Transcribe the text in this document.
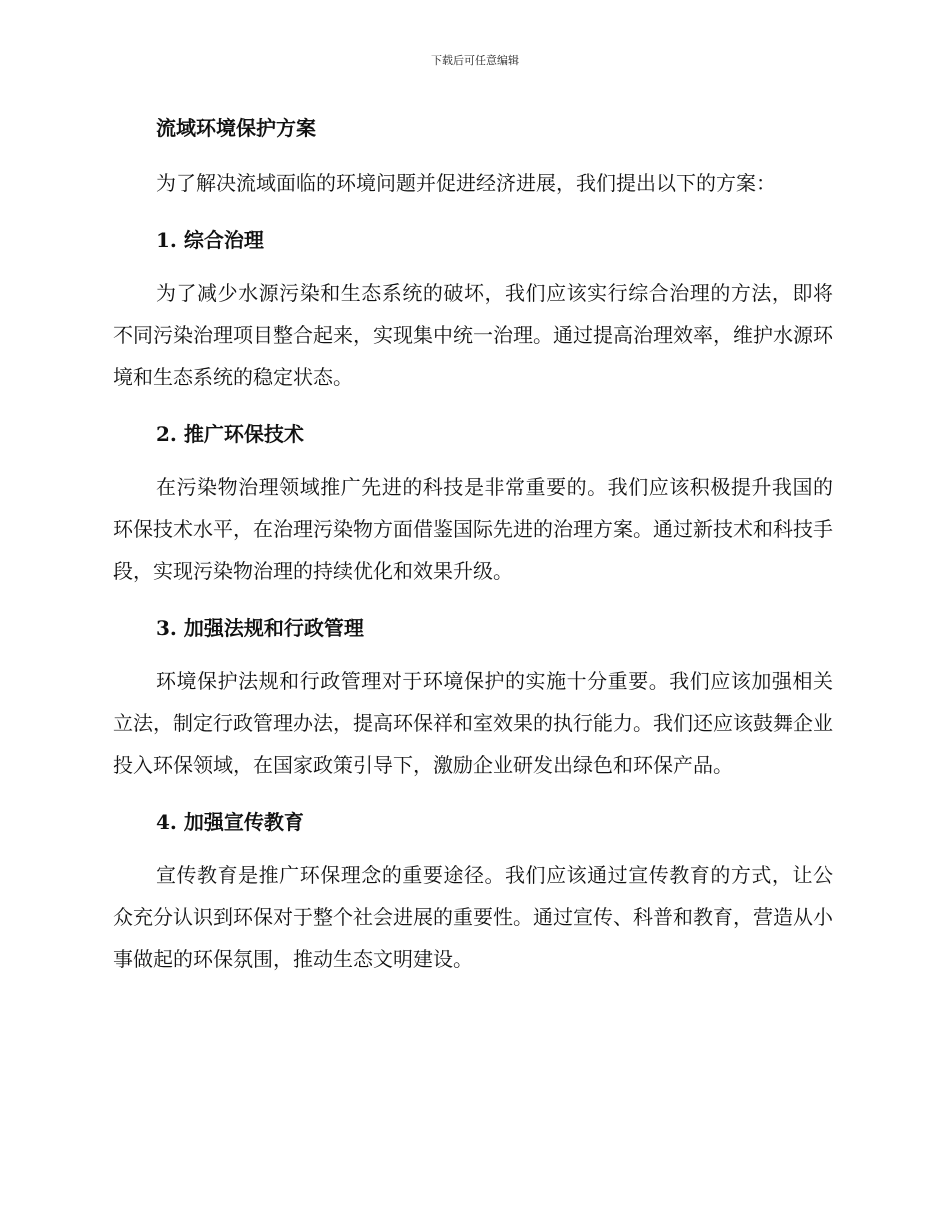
下载后可任意编辑
流域环境保护方案

为了解决流域面临的环境问题并促进经济进展，我们提出以下的方案：

1. 综合治理

为了减少水源污染和生态系统的破坏，我们应该实行综合治理的方法，即将不同污染治理项目整合起来，实现集中统一治理。通过提高治理效率，维护水源环境和生态系统的稳定状态。

2. 推广环保技术

在污染物治理领域推广先进的科技是非常重要的。我们应该积极提升我国的环保技术水平，在治理污染物方面借鉴国际先进的治理方案。通过新技术和科技手段，实现污染物治理的持续优化和效果升级。

3. 加强法规和行政管理

环境保护法规和行政管理对于环境保护的实施十分重要。我们应该加强相关立法，制定行政管理办法，提高环保祥和室效果的执行能力。我们还应该鼓舞企业投入环保领域，在国家政策引导下，激励企业研发出绿色和环保产品。

4. 加强宣传教育

宣传教育是推广环保理念的重要途径。我们应该通过宣传教育的方式，让公众充分认识到环保对于整个社会进展的重要性。通过宣传、科普和教育，营造从小事做起的环保氛围，推动生态文明建设。
